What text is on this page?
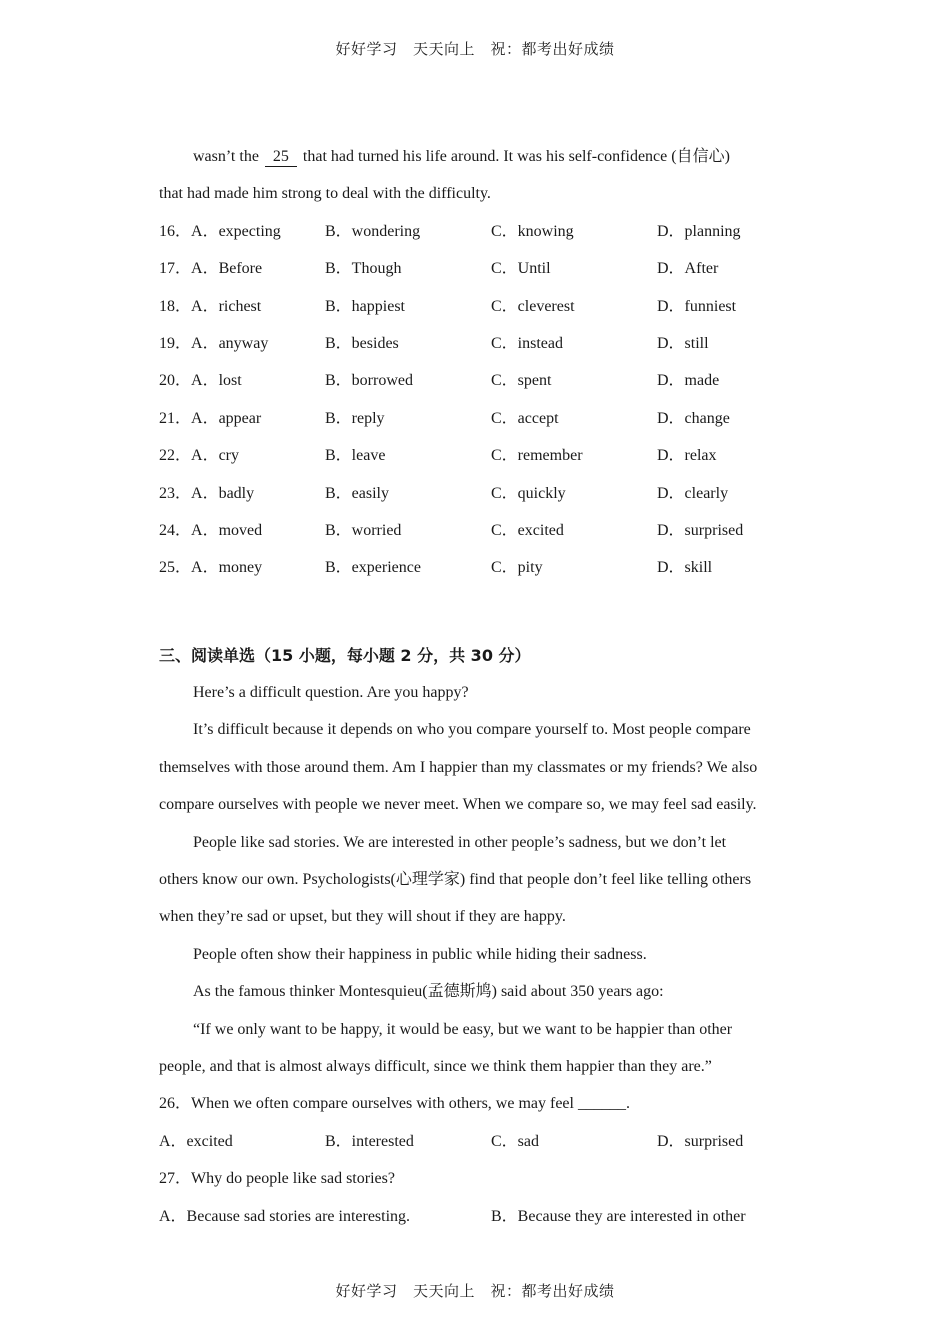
好好学习　天天向上　祝：都考出好成绩
wasn’t the 25 that had turned his life around. It was his self-confidence (自信心)
that had made him strong to deal with the difficulty.
16．A．expecting	B．wondering	C．knowing	D．planning
17．A．Before	B．Though	C．Until	D．After
18．A．richest	B．happiest	C．cleverest	D．funniest
19．A．anyway	B．besides	C．instead	D．still
20．A．lost	B．borrowed	C．spent	D．made
21．A．appear	B．reply	C．accept	D．change
22．A．cry	B．leave	C．remember	D．relax
23．A．badly	B．easily	C．quickly	D．clearly
24．A．moved	B．worried	C．excited	D．surprised
25．A．money	B．experience	C．pity	D．skill
三、阅读单选（15 小题，每小题 2 分，共 30 分）
Here’s a difficult question. Are you happy?
It’s difficult because it depends on who you compare yourself to. Most people compare
themselves with those around them. Am I happier than my classmates or my friends? We also
compare ourselves with people we never meet. When we compare so, we may feel sad easily.
People like sad stories. We are interested in other people’s sadness, but we don’t let
others know our own. Psychologists(心理学家) find that people don’t feel like telling others
when they’re sad or upset, but they will shout if they are happy.
People often show their happiness in public while hiding their sadness.
As the famous thinker Montesquieu(孟德斯鸠) said about 350 years ago:
“If we only want to be happy, it would be easy, but we want to be happier than other
people, and that is almost always difficult, since we think them happier than they are.”
26．When we often compare ourselves with others, we may feel ______.
A．excited	B．interested	C．sad	D．surprised
27．Why do people like sad stories?
A．Because sad stories are interesting.	B．Because they are interested in other
好好学习　天天向上　祝：都考出好成绩
